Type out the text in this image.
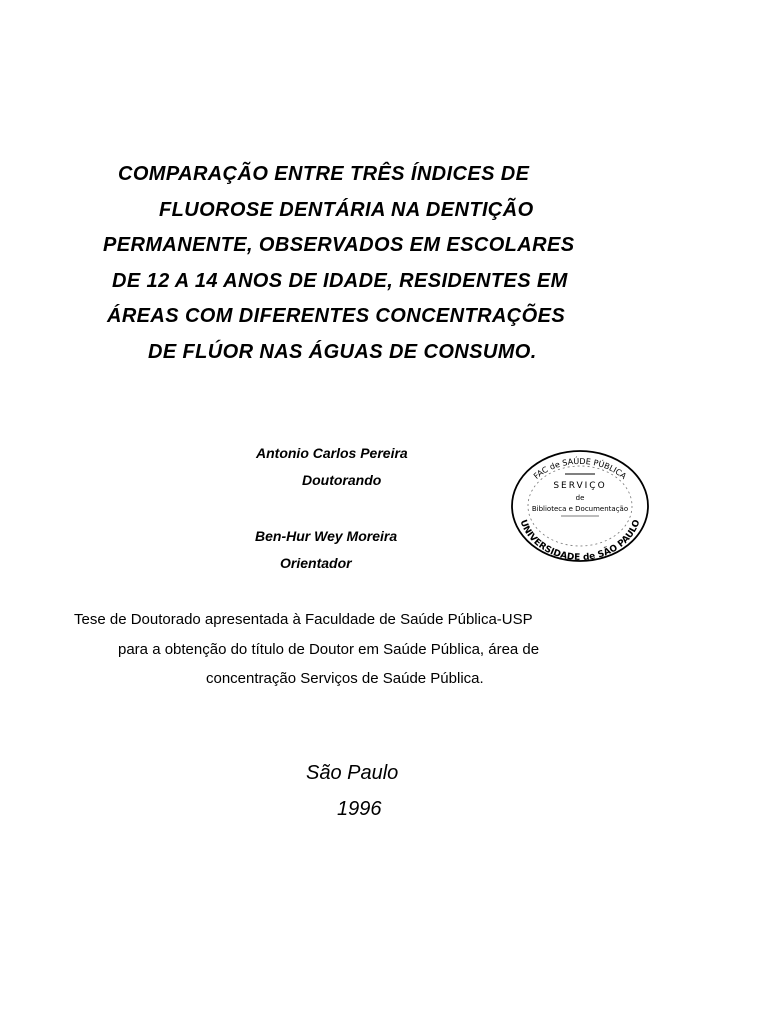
COMPARAÇÃO ENTRE TRÊS ÍNDICES DE
FLUOROSE DENTÁRIA NA DENTIÇÃO
PERMANENTE, OBSERVADOS EM ESCOLARES
DE 12 A 14 ANOS DE IDADE, RESIDENTES EM
ÁREAS COM DIFERENTES CONCENTRAÇÕES
DE FLÚOR NAS ÁGUAS DE CONSUMO.
Antonio Carlos Pereira
Doutorando
Ben-Hur Wey Moreira
Orientador
FAC de SAÚDE PÚBLICA
UNIVERSIDADE de SÃO PAULO
SERVIÇO
de
Biblioteca e Documentação
Tese de Doutorado apresentada à Faculdade de Saúde Pública-USP
para a obtenção do título de Doutor em Saúde Pública, área de
concentração Serviços de Saúde Pública.
São Paulo
1996
